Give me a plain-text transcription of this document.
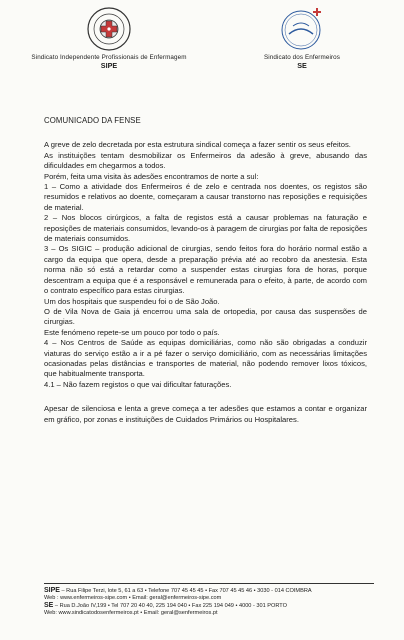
Sindicato Independente Profissionais de Enfermagem
SIPE
Sindicato dos Enfermeiros
SE
COMUNICADO DA FENSE

A greve de zelo decretada por esta estrutura sindical começa a fazer sentir os seus efeitos.

As instituições tentam desmobilizar os Enfermeiros da adesão à greve, abusando das dificuldades em chegarmos a todos.

Porém, feita uma visita às adesões encontramos de norte a sul:

1 – Como a atividade dos Enfermeiros é de zelo e centrada nos doentes, os registos são resumidos e relativos ao doente, começaram a causar transtorno nas reposições e requisições de material.

2 – Nos blocos cirúrgicos, a falta de registos está a causar problemas na faturação e reposições de materiais consumidos, levando-os à paragem de cirurgias por falta de reposições de materiais consumidos.

3 – Os SIGIC – produção adicional de cirurgias, sendo feitos fora do horário normal estão a cargo da equipa que opera, desde a preparação prévia até ao recobro da anestesia. Esta norma não só está a retardar como a suspender estas cirurgias fora de horas, porque descentram a equipa que é a responsável e remunerada para o efeito, à parte, de acordo com o contrato específico para estas cirurgias.

Um dos hospitais que suspendeu foi o de São João.

O de Vila Nova de Gaia já encerrou uma sala de ortopedia, por causa das suspensões de cirurgias.

Este fenómeno repete-se um pouco por todo o país.

4 – Nos Centros de Saúde as equipas domiciliárias, como não são obrigadas a conduzir viaturas do serviço estão a ir a pé fazer o serviço domiciliário, com as necessárias limitações ocasionadas pelas distâncias e transportes de material, não podendo remover lixos tóxicos, que habitualmente transporta.

4.1 – Não fazem registos o que vai dificultar faturações.

Apesar de silenciosa e lenta a greve começa a ter adesões que estamos a contar e organizar em gráfico, por zonas e instituições de Cuidados Primários ou Hospitalares.

SIPE – Rua Filipe Terzi, lote 5, 61 a 63 • Telefone 707 45 45 45 • Fax 707 45 45 46 • 3030 - 014 COIMBRA
Web : www.enfermeiros-sipe.com • Email: geral@enfermeiros-sipe.com
SE – Rua D.João IV,199 • Tel 707 20 40 40, 225 194 040 • Fax 225 194 049 • 4000 - 301 PORTO
Web: www.sindicatodosenfermeiros.pt • Email: geral@senfermeiros.pt
